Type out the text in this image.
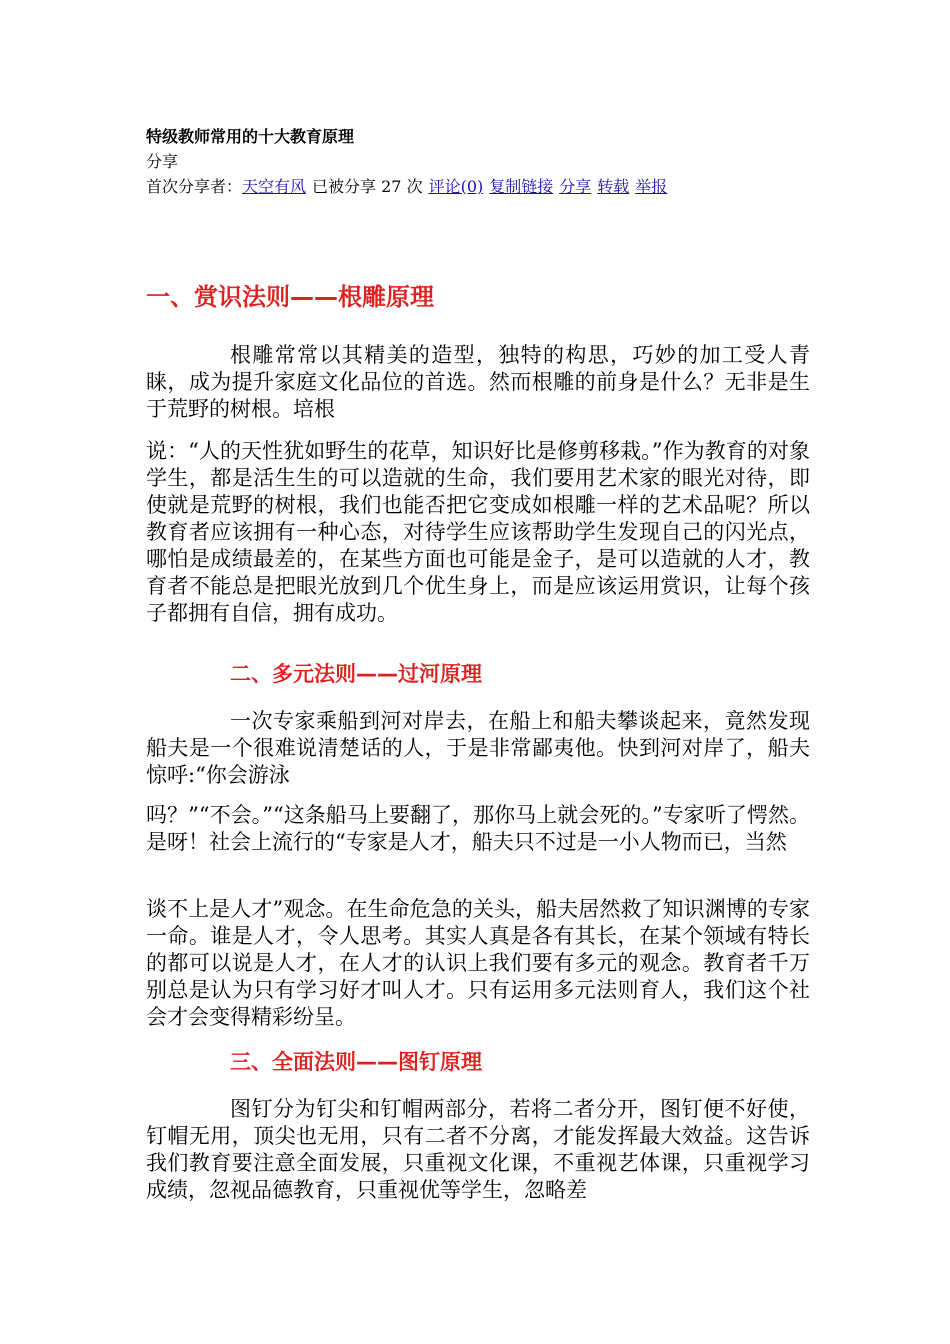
特级教师常用的十大教育原理
分享
首次分享者：天空有风 已被分享 27 次 评论(0) 复制链接 分享 转载 举报
一、赏识法则——根雕原理
根雕常常以其精美的造型，独特的构思，巧妙的加工受人青睐，成为提升家庭文化品位的首选。然而根雕的前身是什么？无非是生于荒野的树根。培根
说：“人的天性犹如野生的花草，知识好比是修剪移栽。”作为教育的对象学生，都是活生生的可以造就的生命，我们要用艺术家的眼光对待，即使就是荒野的树根，我们也能否把它变成如根雕一样的艺术品呢？所以教育者应该拥有一种心态，对待学生应该帮助学生发现自己的闪光点，哪怕是成绩最差的，在某些方面也可能是金子，是可以造就的人才，教育者不能总是把眼光放到几个优生身上，而是应该运用赏识，让每个孩子都拥有自信，拥有成功。
二、多元法则——过河原理
一次专家乘船到河对岸去，在船上和船夫攀谈起来，竟然发现船夫是一个很难说清楚话的人，于是非常鄙夷他。快到河对岸了，船夫惊呼:“你会游泳
吗？”“不会。”“这条船马上要翻了，那你马上就会死的。”专家听了愕然。是呀！社会上流行的“专家是人才，船夫只不过是一小人物而已，当然
谈不上是人才”观念。在生命危急的关头，船夫居然救了知识渊博的专家一命。谁是人才，令人思考。其实人真是各有其长，在某个领域有特长的都可以说是人才，在人才的认识上我们要有多元的观念。教育者千万别总是认为只有学习好才叫人才。只有运用多元法则育人，我们这个社会才会变得精彩纷呈。
三、全面法则——图钉原理
图钉分为钉尖和钉帽两部分，若将二者分开，图钉便不好使，钉帽无用，顶尖也无用，只有二者不分离，才能发挥最大效益。这告诉我们教育要注意全面发展，只重视文化课，不重视艺体课，只重视学习成绩，忽视品德教育，只重视优等学生，忽略差
